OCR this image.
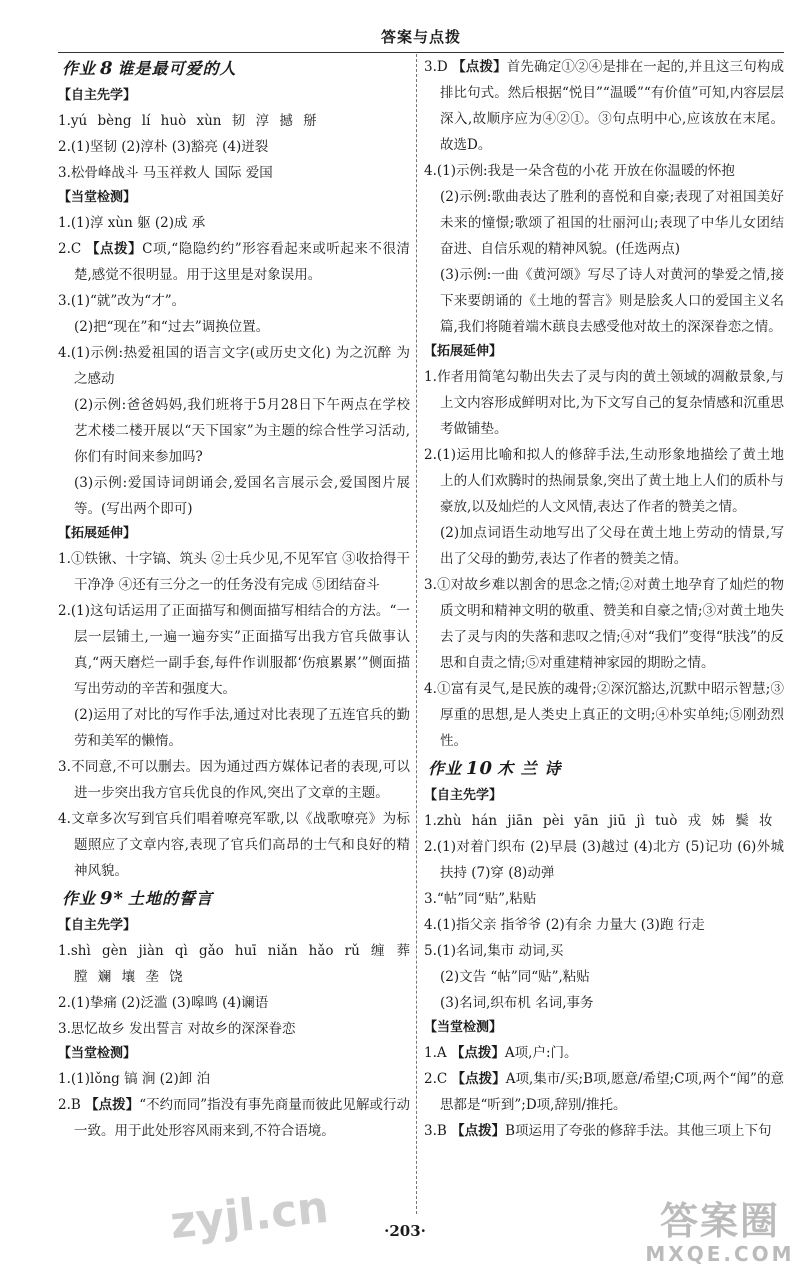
答案与点拨
作业 8 谁是最可爱的人
【自主先学】

1.yú bèng lí huò xùn 韧 淳 撼 掰

2.(1)坚韧 (2)淳朴 (3)豁亮 (4)迸裂

3.松骨峰战斗 马玉祥救人 国际 爱国

【当堂检测】

1.(1)淳 xùn 躯 (2)成 承

2.C 【点拨】C项,“隐隐约约”形容看起来或听起来不很清楚,感觉不很明显。用于这里是对象误用。

3.(1)“就”改为“才”。

(2)把“现在”和“过去”调换位置。

4.(1)示例:热爱祖国的语言文字(或历史文化) 为之沉醉 为之感动

(2)示例:爸爸妈妈,我们班将于5月28日下午两点在学校艺术楼二楼开展以“天下国家”为主题的综合性学习活动,你们有时间来参加吗?

(3)示例:爱国诗词朗诵会,爱国名言展示会,爱国图片展等。(写出两个即可)

【拓展延伸】

1.①铁锹、十字镐、筑头 ②士兵少见,不见军官 ③收拾得干干净净 ④还有三分之一的任务没有完成 ⑤团结奋斗

2.(1)这句话运用了正面描写和侧面描写相结合的方法。“一层一层铺土,一遍一遍夯实”正面描写出我方官兵做事认真,“两天磨烂一副手套,每件作训服都‘伤痕累累’”侧面描写出劳动的辛苦和强度大。

(2)运用了对比的写作手法,通过对比表现了五连官兵的勤劳和美军的懒惰。

3.不同意,不可以删去。因为通过西方媒体记者的表现,可以进一步突出我方官兵优良的作风,突出了文章的主题。

4.文章多次写到官兵们唱着嘹亮军歌,以《战歌嘹亮》为标题照应了文章内容,表现了官兵们高昂的士气和良好的精神风貌。

作业 9* 土地的誓言
【自主先学】

1.shì gèn jiàn qì gǎo huī niǎn hǎo rǔ 缠 葬 膛 斓 壤 垄 饶

2.(1)挚痛 (2)泛滥 (3)嗥鸣 (4)谰语

3.思忆故乡 发出誓言 对故乡的深深眷恋

【当堂检测】

1.(1)lǒng 镐 涧 (2)卸 泊

2.B 【点拨】“不约而同”指没有事先商量而彼此见解或行动一致。用于此处形容风雨来到,不符合语境。

3.D 【点拨】首先确定①②④是排在一起的,并且这三句构成排比句式。然后根据“悦目”“温暖”“有价值”可知,内容层层深入,故顺序应为④②①。③句点明中心,应该放在末尾。故选D。

4.(1)示例:我是一朵含苞的小花 开放在你温暖的怀抱

(2)示例:歌曲表达了胜利的喜悦和自豪;表现了对祖国美好未来的憧憬;歌颂了祖国的壮丽河山;表现了中华儿女团结奋进、自信乐观的精神风貌。(任选两点)

(3)示例:一曲《黄河颂》写尽了诗人对黄河的挚爱之情,接下来要朗诵的《土地的誓言》则是脍炙人口的爱国主义名篇,我们将随着端木蕻良去感受他对故土的深深眷恋之情。

【拓展延伸】

1.作者用简笔勾勒出失去了灵与肉的黄土领域的凋敝景象,与上文内容形成鲜明对比,为下文写自己的复杂情感和沉重思考做铺垫。

2.(1)运用比喻和拟人的修辞手法,生动形象地描绘了黄土地上的人们欢腾时的热闹景象,突出了黄土地上人们的质朴与豪放,以及灿烂的人文风情,表达了作者的赞美之情。

(2)加点词语生动地写出了父母在黄土地上劳动的情景,写出了父母的勤劳,表达了作者的赞美之情。

3.①对故乡难以割舍的思念之情;②对黄土地孕育了灿烂的物质文明和精神文明的敬重、赞美和自豪之情;③对黄土地失去了灵与肉的失落和悲叹之情;④对“我们”变得“肤浅”的反思和自责之情;⑤对重建精神家园的期盼之情。

4.①富有灵气,是民族的魂骨;②深沉豁达,沉默中昭示智慧;③厚重的思想,是人类史上真正的文明;④朴实单纯;⑤刚劲烈性。

作业 10 木 兰 诗
【自主先学】

1.zhù hán jiān pèi yān jiū jì tuò 戎 姊 鬓 妆

2.(1)对着门织布 (2)早晨 (3)越过 (4)北方 (5)记功 (6)外城 扶持 (7)穿 (8)动弹

3.“帖”同“贴”,粘贴

4.(1)指父亲 指爷爷 (2)有余 力量大 (3)跑 行走

5.(1)名词,集市 动词,买

(2)文告 “帖”同“贴”,粘贴

(3)名词,织布机 名词,事务

【当堂检测】

1.A 【点拨】A项,户:门。

2.C 【点拨】A项,集市/买;B项,愿意/希望;C项,两个“闻”的意思都是“听到”;D项,辞别/推托。

3.B 【点拨】B项运用了夸张的修辞手法。其他三项上下句

·203·
zyjl.cn	答案圈
MXQE.COM
